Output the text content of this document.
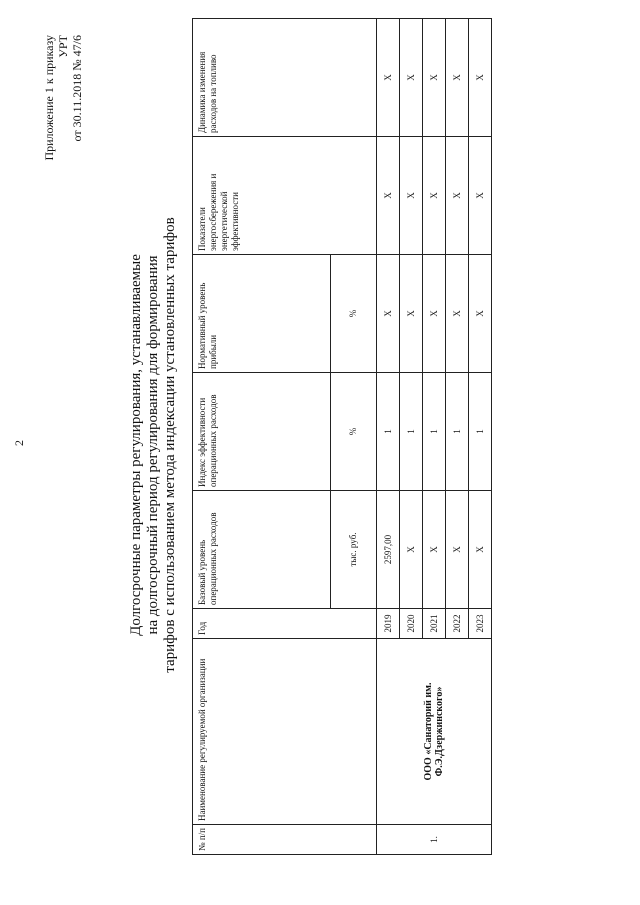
2
Приложение 1 к приказу УРТ от 30.11.2018 № 47/6
Долгосрочные параметры регулирования, устанавливаемые на долгосрочный период регулирования для формирования тарифов с использованием метода индексации установленных тарифов
№ п/п	Наименование регулируемой организации	Год	Базовый уровень операционных расходов	Индекс эффективности операционных расходов	Нормативный уровень прибыли	Показатели энергосбережения и энергетической эффективности	Динамика изменения расходов на топливо
			тыс. руб.	%	%		
1.	ООО «Санаторий им. Ф.Э.Дзержинского»	2019	2597,00	1	X	X	X
		2020	X	1	X	X	X
		2021	X	1	X	X	X
		2022	X	1	X	X	X
		2023	X	1	X	X	X
